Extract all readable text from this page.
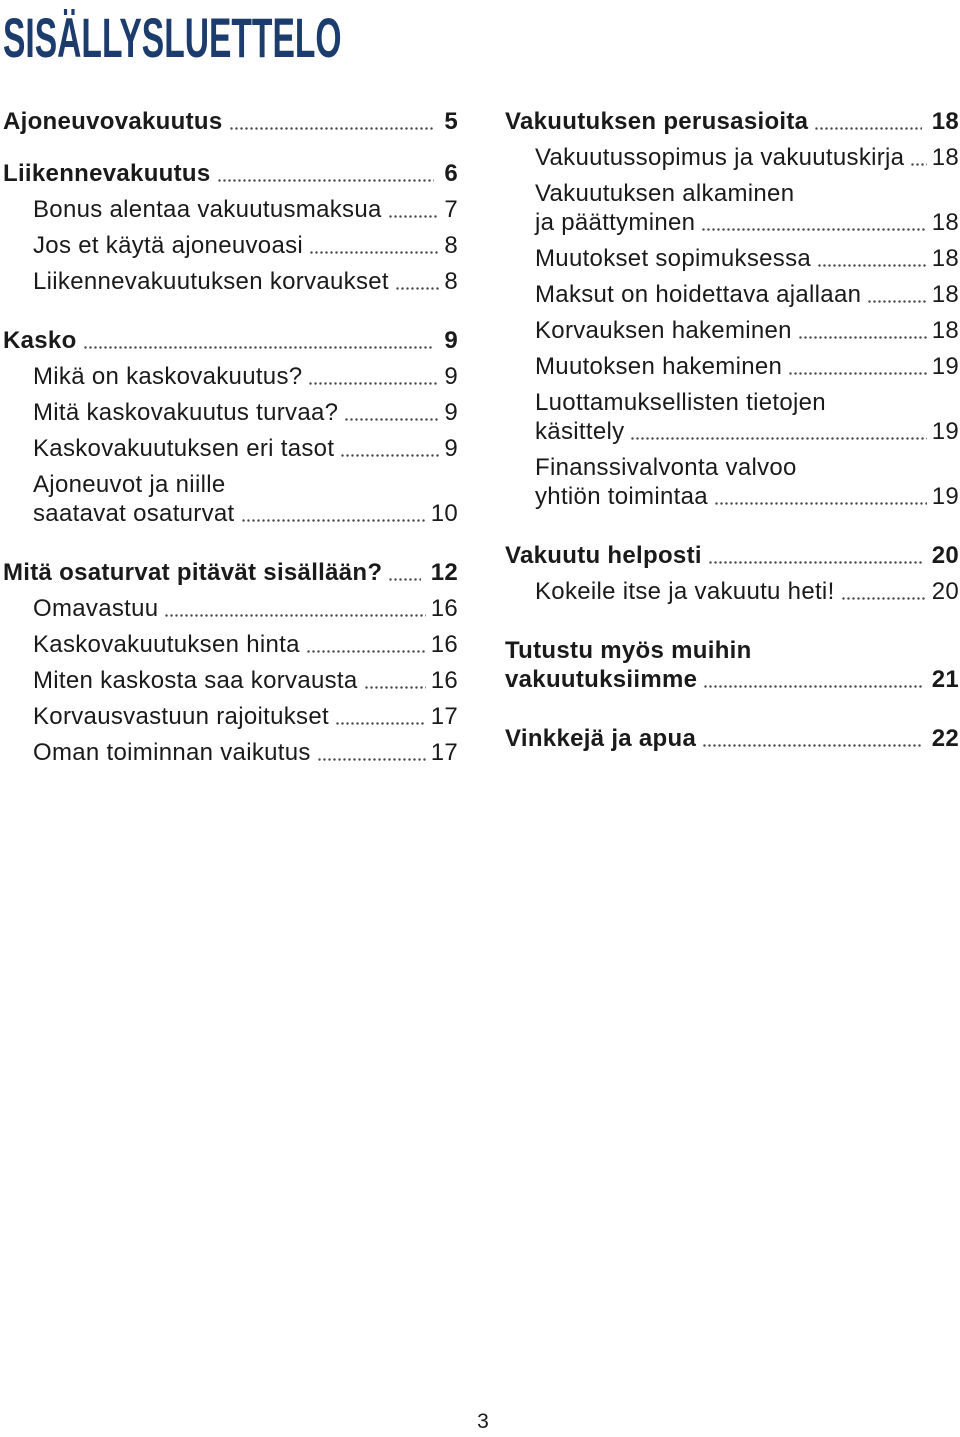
SISÄLLYSLUETTELO
Ajoneuvovakuutus	5
Liikennevakuutus	6
Bonus alentaa vakuutusmaksua	7
Jos et käytä ajoneuvoasi	8
Liikennevakuutuksen korvaukset 8
Kasko	9
Mikä on kaskovakuutus?	9
Mitä kaskovakuutus turvaa?	9
Kaskovakuutuksen eri tasot	9
Ajoneuvot ja niille
saatavat osaturvat	10
Mitä osaturvat pitävät sisällään? 12
Omavastuu	16
Kaskovakuutuksen hinta	16
Miten kaskosta saa korvausta	16
Korvausvastuun rajoitukset	17
Oman toiminnan vaikutus	17
Vakuutuksen perusasioita	18
Vakuutussopimus ja vakuutuskirja 18
Vakuutuksen alkaminen
ja päättyminen	18
Muutokset sopimuksessa	18
Maksut on hoidettava ajallaan	18
Korvauksen hakeminen	18
Muutoksen hakeminen	19
Luottamuksellisten tietojen
käsittely	19
Finanssivalvonta valvoo
yhtiön toimintaa	19
Vakuutu helposti	20
Kokeile itse ja vakuutu heti!	20
Tutustu myös muihin
vakuutuksiimme	21
Vinkkejä ja apua	22
3
